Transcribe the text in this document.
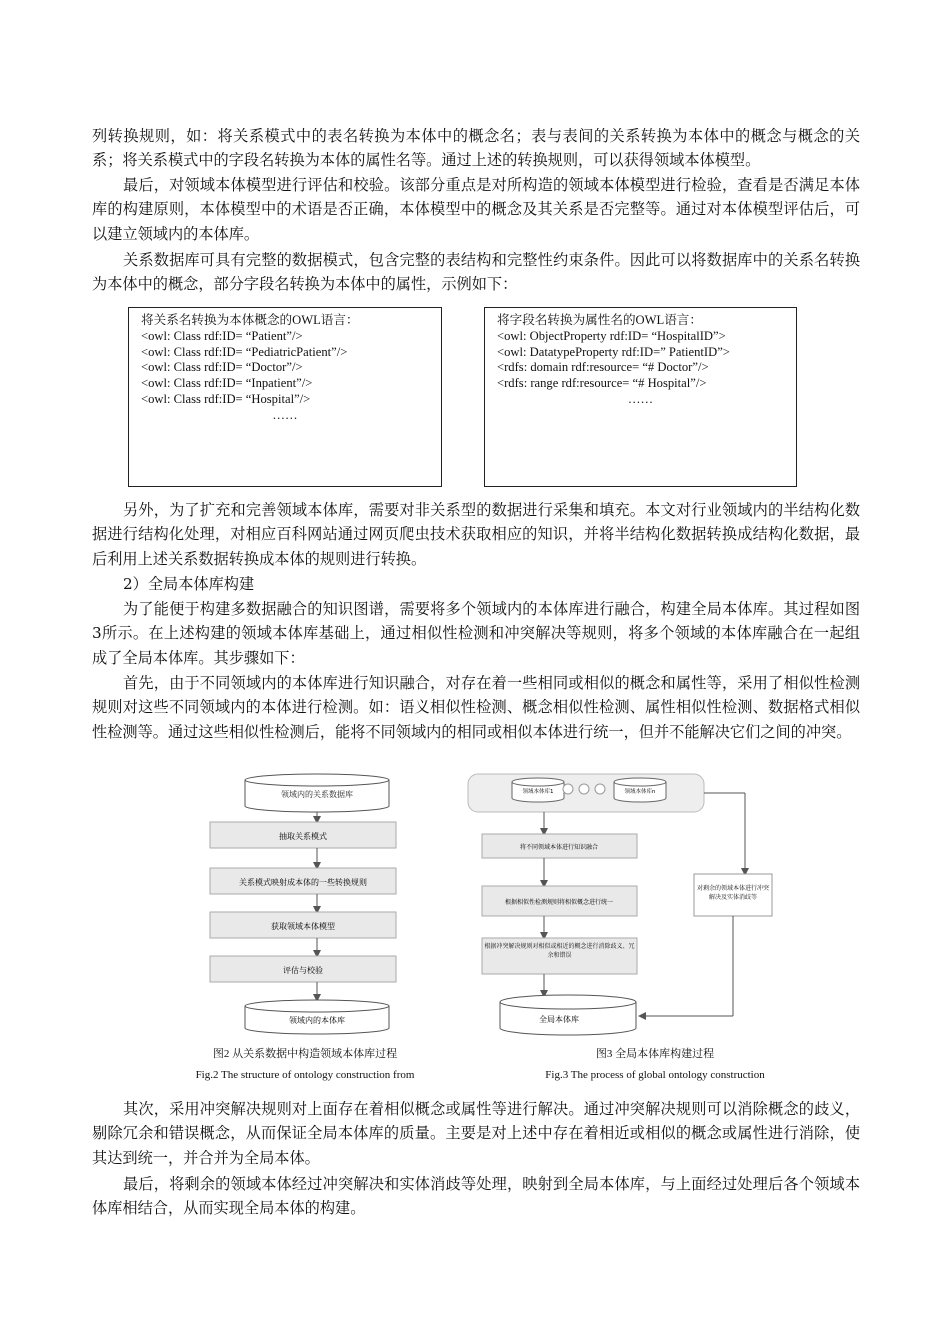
列转换规则，如：将关系模式中的表名转换为本体中的概念名；表与表间的关系转换为本体中的概念与概念的关系；将关系模式中的字段名转换为本体的属性名等。通过上述的转换规则，可以获得领域本体模型。

最后，对领域本体模型进行评估和校验。该部分重点是对所构造的领域本体模型进行检验，查看是否满足本体库的构建原则，本体模型中的术语是否正确，本体模型中的概念及其关系是否完整等。通过对本体模型评估后，可以建立领域内的本体库。

关系数据库可具有完整的数据模式，包含完整的表结构和完整性约束条件。因此可以将数据库中的关系名转换为本体中的概念，部分字段名转换为本体中的属性，示例如下：

将关系名转换为本体概念的OWL语言：
<owl: Class rdf:ID= “Patient”/>
<owl: Class rdf:ID= “PediatricPatient”/>
<owl: Class rdf:ID= “Doctor”/>
<owl: Class rdf:ID= “Inpatient”/>
<owl: Class rdf:ID= “Hospital”/>
……
将字段名转换为属性名的OWL语言：
<owl: ObjectProperty rdf:ID= “HospitalID”>
<owl: DatatypeProperty rdf:ID=” PatientID”>
<rdfs: domain rdf:resource= “# Doctor”/>
<rdfs: range rdf:resource= “# Hospital”/>
……

另外，为了扩充和完善领域本体库，需要对非关系型的数据进行采集和填充。本文对行业领域内的半结构化数据进行结构化处理，对相应百科网站通过网页爬虫技术获取相应的知识，并将半结构化数据转换成结构化数据，最后利用上述关系数据转换成本体的规则进行转换。

2）全局本体库构建

为了能便于构建多数据融合的知识图谱，需要将多个领域内的本体库进行融合，构建全局本体库。其过程如图3所示。在上述构建的领域本体库基础上，通过相似性检测和冲突解决等规则，将多个领域的本体库融合在一起组成了全局本体库。其步骤如下：

首先，由于不同领域内的本体库进行知识融合，对存在着一些相同或相似的概念和属性等，采用了相似性检测规则对这些不同领域内的本体进行检测。如：语义相似性检测、概念相似性检测、属性相似性检测、数据格式相似性检测等。通过这些相似性检测后，能将不同领域内的相同或相似本体进行统一，但并不能解决它们之间的冲突。

领域内的关系数据库
抽取关系模式
关系模式映射成本体的一些转换规则
获取领域本体模型
评估与校验
领域内的本体库
领域本体库1	领域本体库n
将不同领域本体进行知识融合
根据相似性检测规则将相似概念进行统一
根据冲突解决规则对相似或相近的概念进行消除歧义、冗余和错误
对剩余的领域本体进行冲突解决及实体消歧等
全局本体库
图2 从关系数据中构造领域本体库过程
Fig.2 The structure of ontology construction from
图3 全局本体库构建过程
Fig.3 The process of global ontology construction

其次，采用冲突解决规则对上面存在着相似概念或属性等进行解决。通过冲突解决规则可以消除概念的歧义，剔除冗余和错误概念，从而保证全局本体库的质量。主要是对上述中存在着相近或相似的概念或属性进行消除，使其达到统一，并合并为全局本体。

最后，将剩余的领域本体经过冲突解决和实体消歧等处理，映射到全局本体库，与上面经过处理后各个领域本体库相结合，从而实现全局本体的构建。
